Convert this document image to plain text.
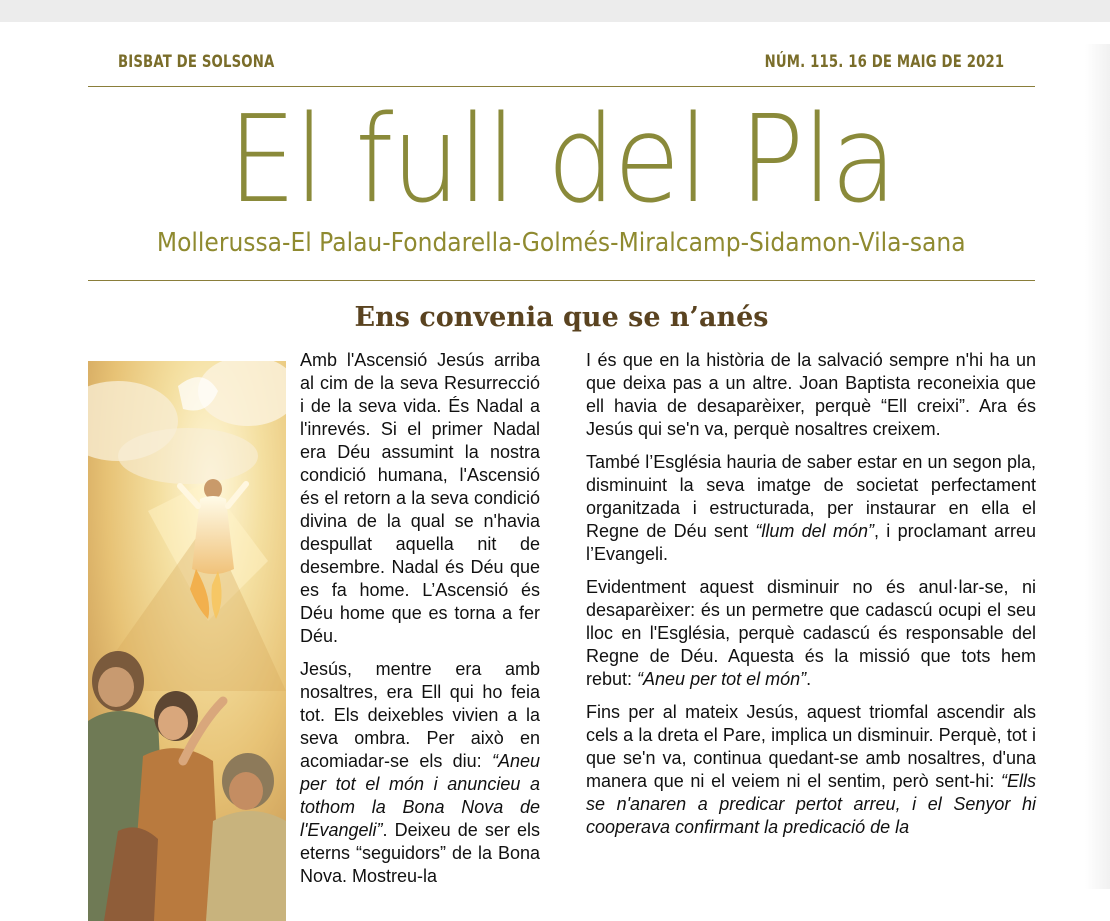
BISBAT DE SOLSONA	NÚM. 115. 16 DE MAIG DE 2021
El full del Pla
Mollerussa-El Palau-Fondarella-Golmés-Miralcamp-Sidamon-Vila-sana
Ens convenia que se n’anés

Amb l'Ascensió Jesús arriba al cim de la seva Resurrecció i de la seva vida. És Nadal a l'inrevés. Si el primer Nadal era Déu assumint la nostra condició humana, l'Ascensió és el retorn a la seva condició divina de la qual se n'havia despullat aquella nit de desembre. Nadal és Déu que es fa home. L’Ascensió és Déu home que es torna a fer Déu.

Jesús, mentre era amb nosaltres, era Ell qui ho feia tot. Els deixebles vivien a la seva ombra. Per això en acomiadar-se els diu: “Aneu per tot el món i anuncieu a tothom la Bona Nova de l'Evangeli”. Deixeu de ser els eterns “seguidors” de la Bona Nova. Mostreu-la

I és que en la història de la salvació sempre n'hi ha un que deixa pas a un altre. Joan Baptista reconeixia que ell havia de desaparèixer, perquè “Ell creixi”. Ara és Jesús qui se'n va, perquè nosaltres creixem.

També l’Església hauria de saber estar en un segon pla, disminuint la seva imatge de societat perfectament organitzada i estructurada, per instaurar en ella el Regne de Déu sent “llum del món”, i proclamant arreu l’Evangeli.

Evidentment aquest disminuir no és anul·lar-se, ni desaparèixer: és un permetre que cadascú ocupi el seu lloc en l'Església, perquè cadascú és responsable del Regne de Déu. Aquesta és la missió que tots hem rebut: “Aneu per tot el món”.

Fins per al mateix Jesús, aquest triomfal ascendir als cels a la dreta el Pare, implica un disminuir. Perquè, tot i que se'n va, continua quedant-se amb nosaltres, d'una manera que ni el veiem ni el sentim, però sent-hi: “Ells se n'anaren a predicar pertot arreu, i el Senyor hi cooperava confirmant la predicació de la
